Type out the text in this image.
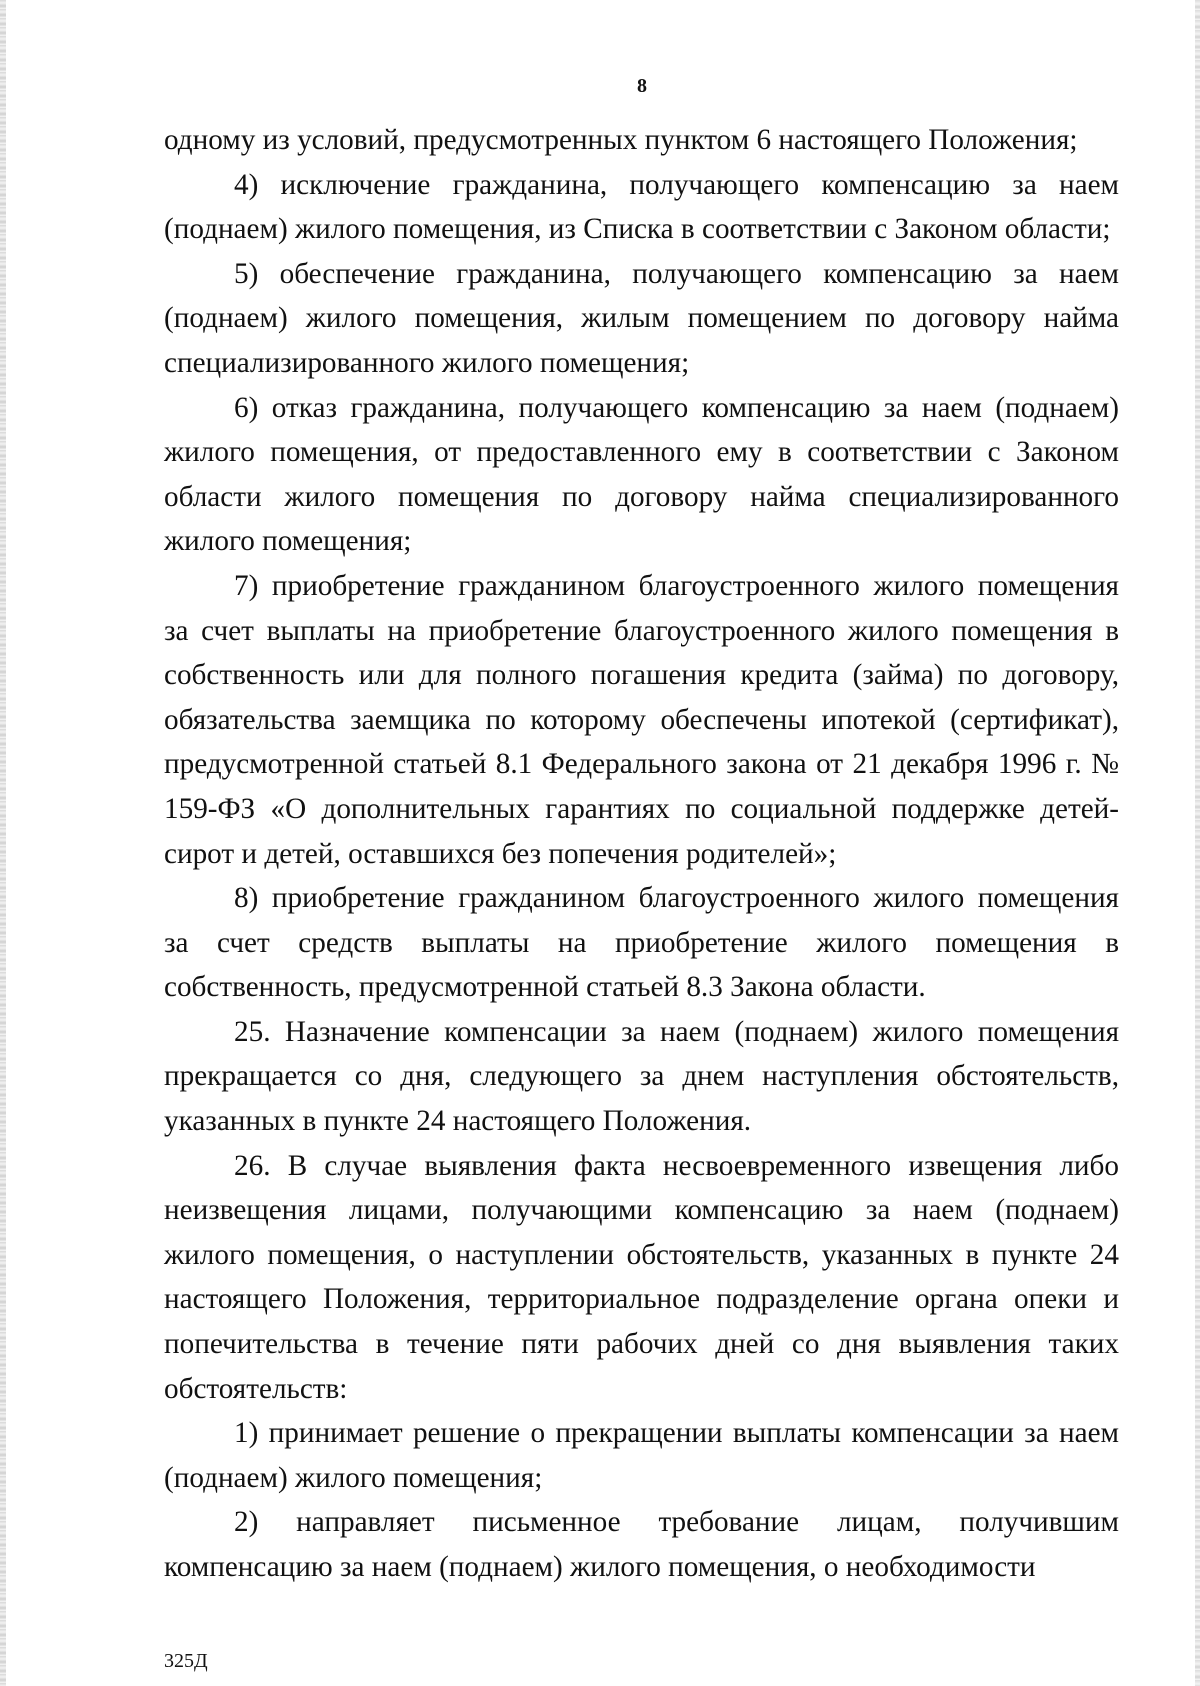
8

одному из условий, предусмотренных пунктом 6 настоящего Положения;

4) исключение гражданина, получающего компенсацию за наем (поднаем) жилого помещения, из Списка в соответствии с Законом области;

5) обеспечение гражданина, получающего компенсацию за наем (поднаем) жилого помещения, жилым помещением по договору найма специализированного жилого помещения;

6) отказ гражданина, получающего компенсацию за наем (поднаем) жилого помещения, от предоставленного ему в соответствии с Законом области жилого помещения по договору найма специализированного жилого помещения;

7) приобретение гражданином благоустроенного жилого помещения за счет выплаты на приобретение благоустроенного жилого помещения в собственность или для полного погашения кредита (займа) по договору, обязательства заемщика по которому обеспечены ипотекой (сертификат), предусмотренной статьей 8.1 Федерального закона от 21 декабря 1996 г. № 159-ФЗ «О дополнительных гарантиях по социальной поддержке детей-сирот и детей, оставшихся без попечения родителей»;

8) приобретение гражданином благоустроенного жилого помещения за счет средств выплаты на приобретение жилого помещения в собственность, предусмотренной статьей 8.3 Закона области.

25. Назначение компенсации за наем (поднаем) жилого помещения прекращается со дня, следующего за днем наступления обстоятельств, указанных в пункте 24 настоящего Положения.

26. В случае выявления факта несвоевременного извещения либо неизвещения лицами, получающими компенсацию за наем (поднаем) жилого помещения, о наступлении обстоятельств, указанных в пункте 24 настоящего Положения, территориальное подразделение органа опеки и попечительства в течение пяти рабочих дней со дня выявления таких обстоятельств:

1) принимает решение о прекращении выплаты компенсации за наем (поднаем) жилого помещения;

2) направляет письменное требование лицам, получившим компенсацию за наем (поднаем) жилого помещения, о необходимости

325Д
